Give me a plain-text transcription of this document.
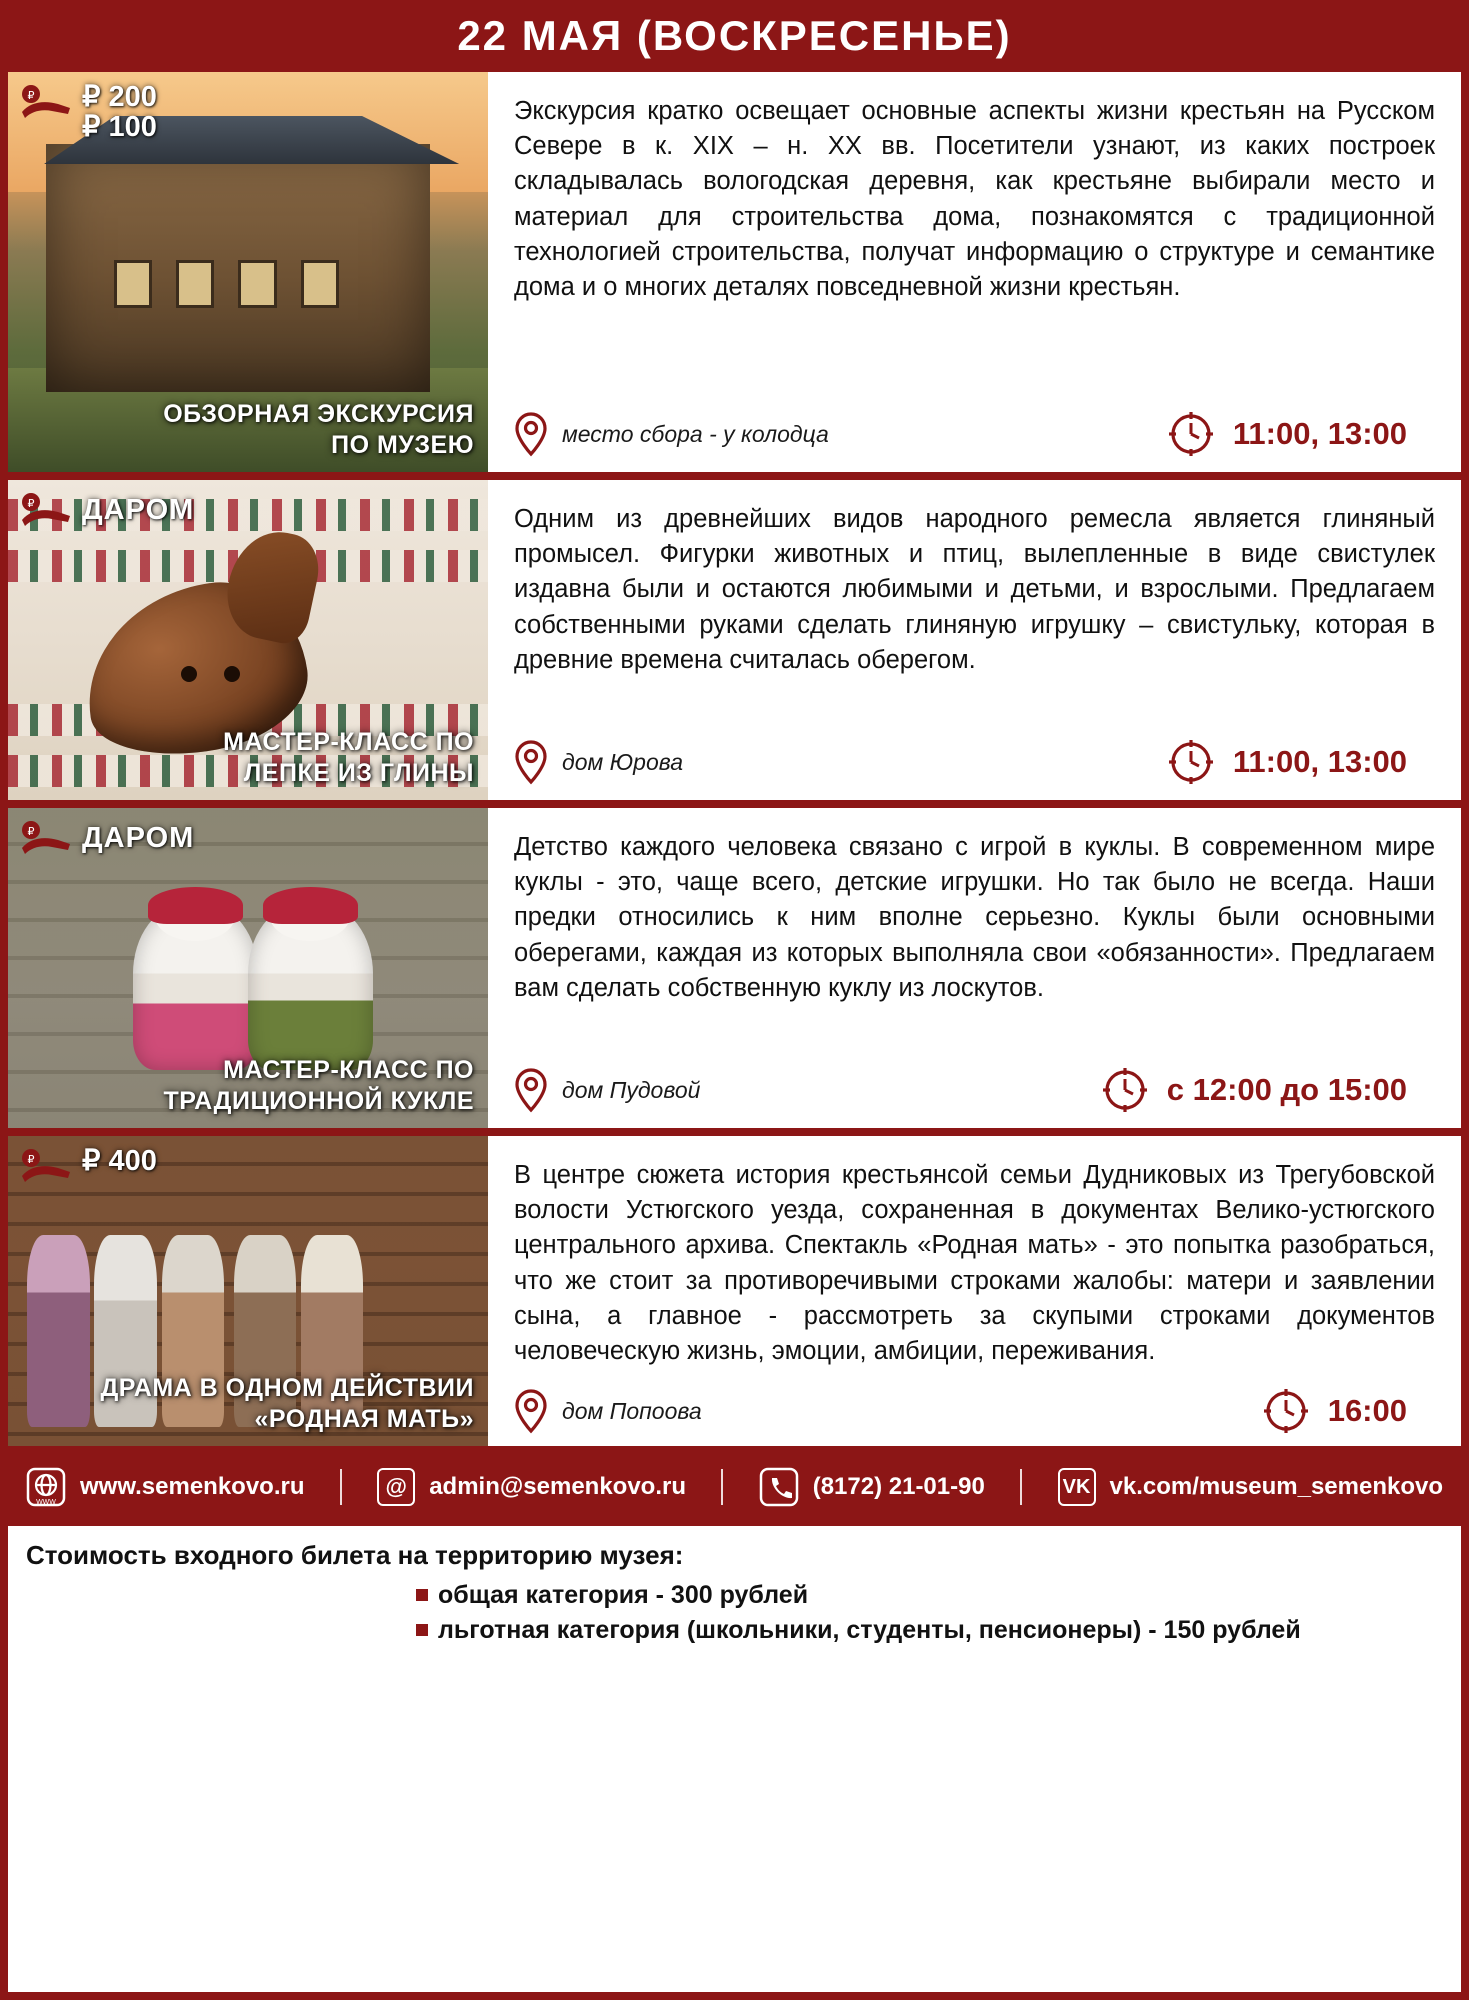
22 МАЯ (ВОСКРЕСЕНЬЕ)
₽ ₽ 200
₽ 100
ОБЗОРНАЯ ЭКСКУРСИЯ
ПО МУЗЕЮ
Экскурсия кратко освещает основные аспекты жизни крестьян на Русском Севере в к. XIX – н. XX вв. Посетители узнают, из каких построек складывалась вологодская деревня, как крестьяне выбирали место и материал для строительства дома, познакомятся с традиционной технологией строительства, получат информацию о структуре и семантике дома и о многих деталях повседневной жизни крестьян.
место сбора - у колодца	11:00, 13:00
₽ ДАРОМ
МАСТЕР-КЛАСС ПО
ЛЕПКЕ ИЗ ГЛИНЫ
Одним из древнейших видов народного ремесла является глиняный промысел. Фигурки животных и птиц, вылепленные в виде свистулек издавна были и остаются любимыми и детьми, и взрослыми. Предлагаем собственными руками сделать глиняную игрушку – свистульку, которая в древние времена считалась оберегом.
дом Юрова	11:00, 13:00
₽ ДАРОМ
МАСТЕР-КЛАСС ПО
ТРАДИЦИОННОЙ КУКЛЕ
Детство каждого человека связано с игрой в куклы. В современном мире куклы - это, чаще всего, детские игрушки. Но так было не всегда. Наши предки относились к ним вполне серьезно. Куклы были основными оберегами, каждая из которых выполняла свои «обязанности». Предлагаем вам сделать собственную куклу из лоскутов.
дом Пудовой	с 12:00 до 15:00
₽ ₽ 400
ДРАМА В ОДНОМ ДЕЙСТВИИ
«РОДНАЯ МАТЬ»
В центре сюжета история крестьянсой семьи Дудниковых из Трегубовской волости Устюгского уезда, сохраненная в документах Велико-устюгского центрального архива. Спектакль «Родная мать» - это попытка разобраться, что же стоит за противоречивыми строками жалобы: матери и заявлении сына, а главное - рассмотреть за скупыми строками документов человеческую жизнь, эмоции, амбиции, переживания.
дом Попоова	16:00
WWW
www.semenkovo.ru	@ admin@semenkovo.ru	(8172) 21-01-90	VK vk.com/museum_semenkovo
Стоимость входного билета на территорию музея:
общая категория - 300 рублей
льготная категория (школьники, студенты, пенсионеры) - 150 рублей
